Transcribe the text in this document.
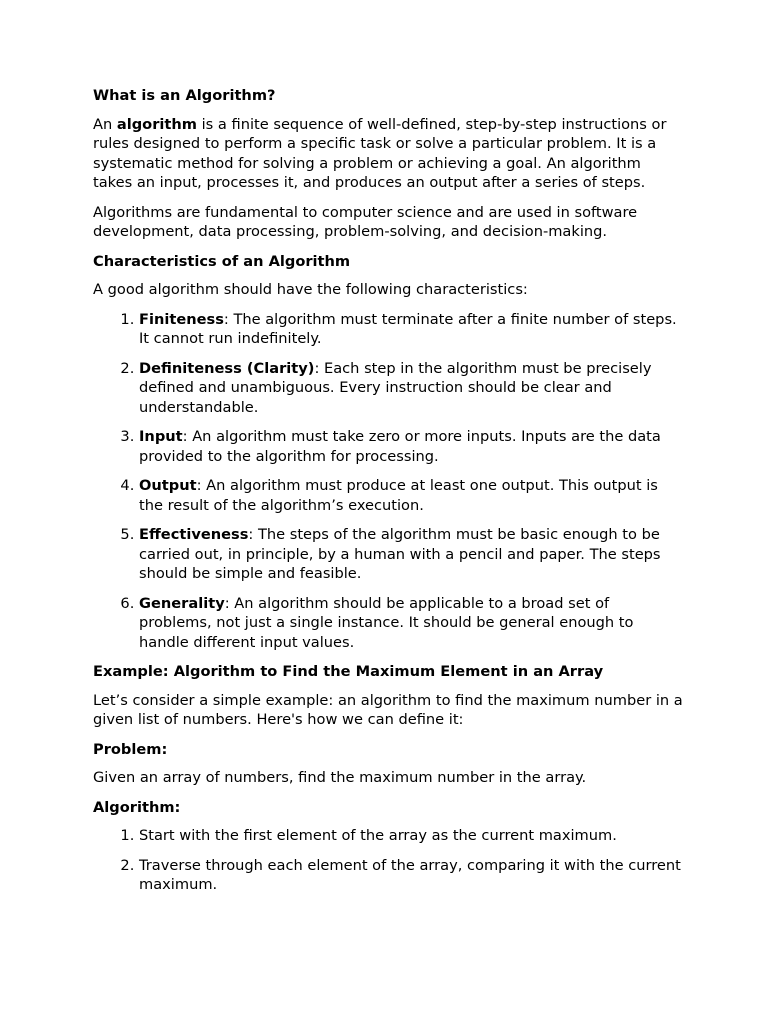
What is an Algorithm?

An algorithm is a finite sequence of well-defined, step-by-step instructions or rules designed to perform a specific task or solve a particular problem. It is a systematic method for solving a problem or achieving a goal. An algorithm takes an input, processes it, and produces an output after a series of steps.

Algorithms are fundamental to computer science and are used in software development, data processing, problem-solving, and decision-making.

Characteristics of an Algorithm

A good algorithm should have the following characteristics:

1. Finiteness: The algorithm must terminate after a finite number of steps. It cannot run indefinitely.
2. Definiteness (Clarity): Each step in the algorithm must be precisely defined and unambiguous. Every instruction should be clear and understandable.
3. Input: An algorithm must take zero or more inputs. Inputs are the data provided to the algorithm for processing.
4. Output: An algorithm must produce at least one output. This output is the result of the algorithm’s execution.
5. Effectiveness: The steps of the algorithm must be basic enough to be carried out, in principle, by a human with a pencil and paper. The steps should be simple and feasible.
6. Generality: An algorithm should be applicable to a broad set of problems, not just a single instance. It should be general enough to handle different input values.
Example: Algorithm to Find the Maximum Element in an Array

Let’s consider a simple example: an algorithm to find the maximum number in a given list of numbers. Here's how we can define it:

Problem:

Given an array of numbers, find the maximum number in the array.

Algorithm:
1. Start with the first element of the array as the current maximum.
2. Traverse through each element of the array, comparing it with the current maximum.
